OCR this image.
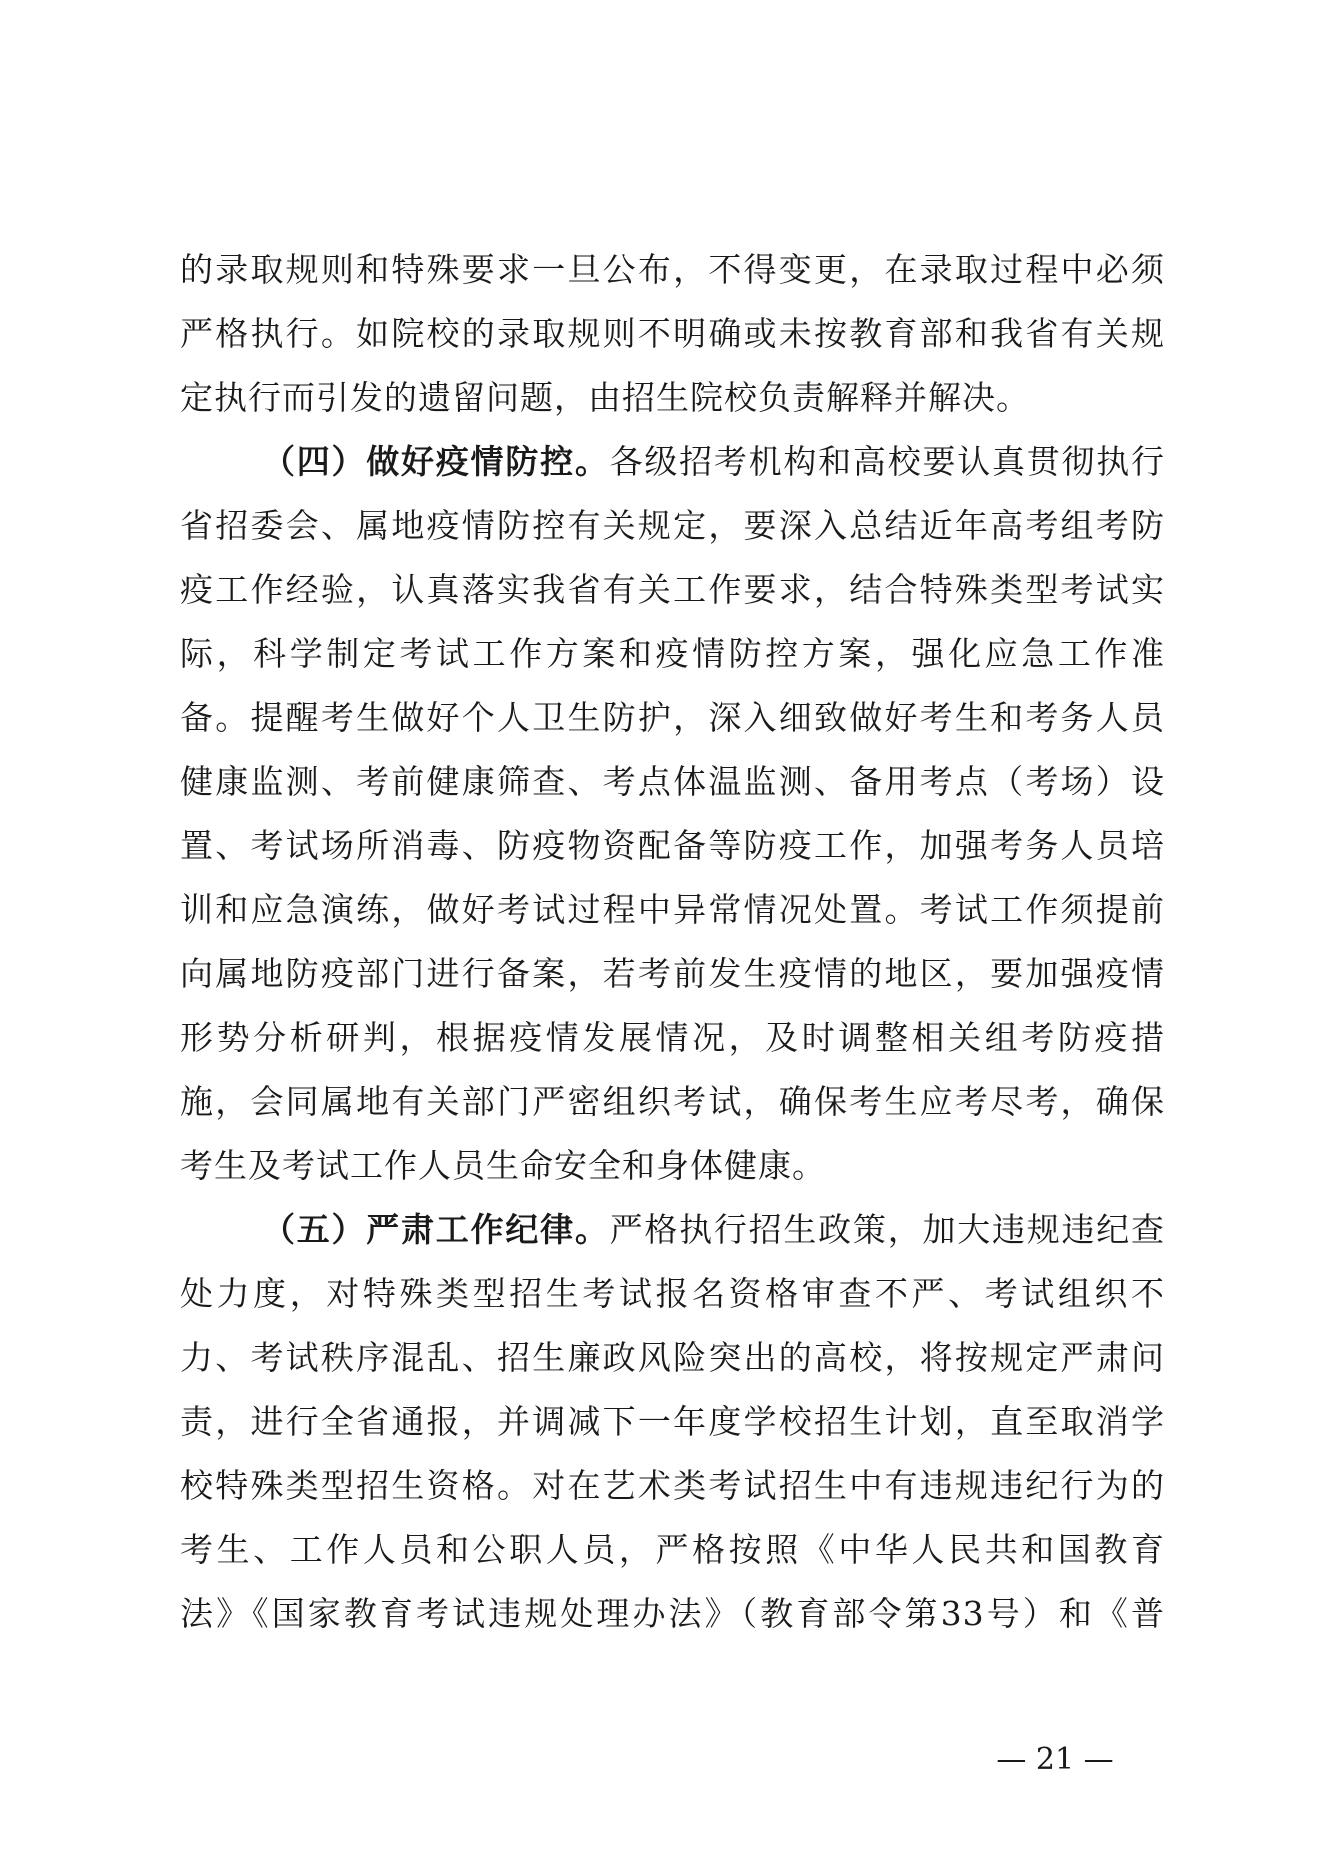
的录取规则和特殊要求一旦公布，不得变更，在录取过程中必须
严格执行。如院校的录取规则不明确或未按教育部和我省有关规
定执行而引发的遗留问题，由招生院校负责解释并解决。
（四）做好疫情防控。各级招考机构和高校要认真贯彻执行
省招委会、属地疫情防控有关规定，要深入总结近年高考组考防
疫工作经验，认真落实我省有关工作要求，结合特殊类型考试实
际，科学制定考试工作方案和疫情防控方案，强化应急工作准
备。提醒考生做好个人卫生防护，深入细致做好考生和考务人员
健康监测、考前健康筛查、考点体温监测、备用考点（考场）设
置、考试场所消毒、防疫物资配备等防疫工作，加强考务人员培
训和应急演练，做好考试过程中异常情况处置。考试工作须提前
向属地防疫部门进行备案，若考前发生疫情的地区，要加强疫情
形势分析研判，根据疫情发展情况，及时调整相关组考防疫措
施，会同属地有关部门严密组织考试，确保考生应考尽考，确保
考生及考试工作人员生命安全和身体健康。
（五）严肃工作纪律。严格执行招生政策，加大违规违纪查
处力度，对特殊类型招生考试报名资格审查不严、考试组织不
力、考试秩序混乱、招生廉政风险突出的高校，将按规定严肃问
责，进行全省通报，并调减下一年度学校招生计划，直至取消学
校特殊类型招生资格。对在艺术类考试招生中有违规违纪行为的
考生、工作人员和公职人员，严格按照《中华人民共和国教育
法》《国家教育考试违规处理办法》（教育部令第33号）和《普
— 21 —
